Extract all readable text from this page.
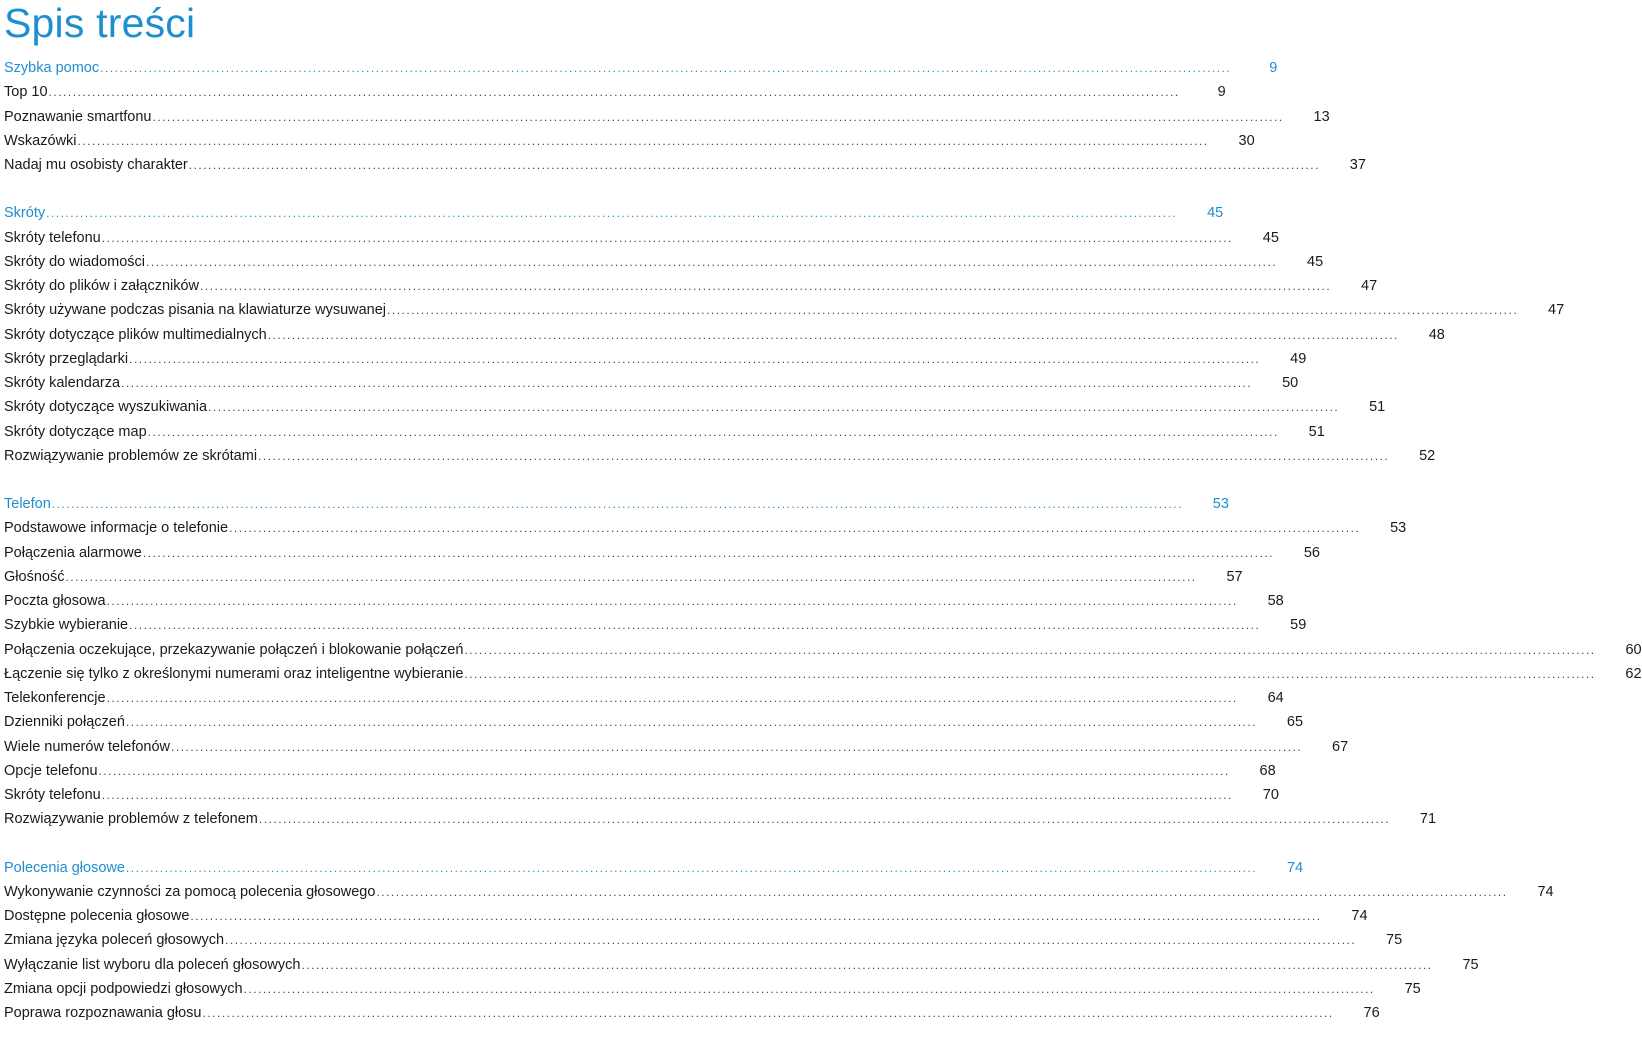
Spis treści
Szybka pomoc ..........................................................................................................................................................................................................................................	9
Top 10 ..........................................................................................................................................................................................................................................	9
Poznawanie smartfonu ..........................................................................................................................................................................................................................................	13
Wskazówki ..........................................................................................................................................................................................................................................	30
Nadaj mu osobisty charakter ..........................................................................................................................................................................................................................................	37
Skróty ..........................................................................................................................................................................................................................................	45
Skróty telefonu ..........................................................................................................................................................................................................................................	45
Skróty do wiadomości ..........................................................................................................................................................................................................................................	45
Skróty do plików i załączników ..........................................................................................................................................................................................................................................	47
Skróty używane podczas pisania na klawiaturze wysuwanej ..........................................................................................................................................................................................................................................	47
Skróty dotyczące plików multimedialnych ..........................................................................................................................................................................................................................................	48
Skróty przeglądarki ..........................................................................................................................................................................................................................................	49
Skróty kalendarza ..........................................................................................................................................................................................................................................	50
Skróty dotyczące wyszukiwania ..........................................................................................................................................................................................................................................	51
Skróty dotyczące map ..........................................................................................................................................................................................................................................	51
Rozwiązywanie problemów ze skrótami ..........................................................................................................................................................................................................................................	52
Telefon ..........................................................................................................................................................................................................................................	53
Podstawowe informacje o telefonie ..........................................................................................................................................................................................................................................	53
Połączenia alarmowe ..........................................................................................................................................................................................................................................	56
Głośność ..........................................................................................................................................................................................................................................	57
Poczta głosowa ..........................................................................................................................................................................................................................................	58
Szybkie wybieranie ..........................................................................................................................................................................................................................................	59
Połączenia oczekujące, przekazywanie połączeń i blokowanie połączeń ..........................................................................................................................................................................................................................................	60
Łączenie się tylko z określonymi numerami oraz inteligentne wybieranie ..........................................................................................................................................................................................................................................	62
Telekonferencje ..........................................................................................................................................................................................................................................	64
Dzienniki połączeń ..........................................................................................................................................................................................................................................	65
Wiele numerów telefonów ..........................................................................................................................................................................................................................................	67
Opcje telefonu ..........................................................................................................................................................................................................................................	68
Skróty telefonu ..........................................................................................................................................................................................................................................	70
Rozwiązywanie problemów z telefonem ..........................................................................................................................................................................................................................................	71
Polecenia głosowe ..........................................................................................................................................................................................................................................	74
Wykonywanie czynności za pomocą polecenia głosowego ..........................................................................................................................................................................................................................................	74
Dostępne polecenia głosowe ..........................................................................................................................................................................................................................................	74
Zmiana języka poleceń głosowych ..........................................................................................................................................................................................................................................	75
Wyłączanie list wyboru dla poleceń głosowych ..........................................................................................................................................................................................................................................	75
Zmiana opcji podpowiedzi głosowych ..........................................................................................................................................................................................................................................	75
Poprawa rozpoznawania głosu ..........................................................................................................................................................................................................................................	76
